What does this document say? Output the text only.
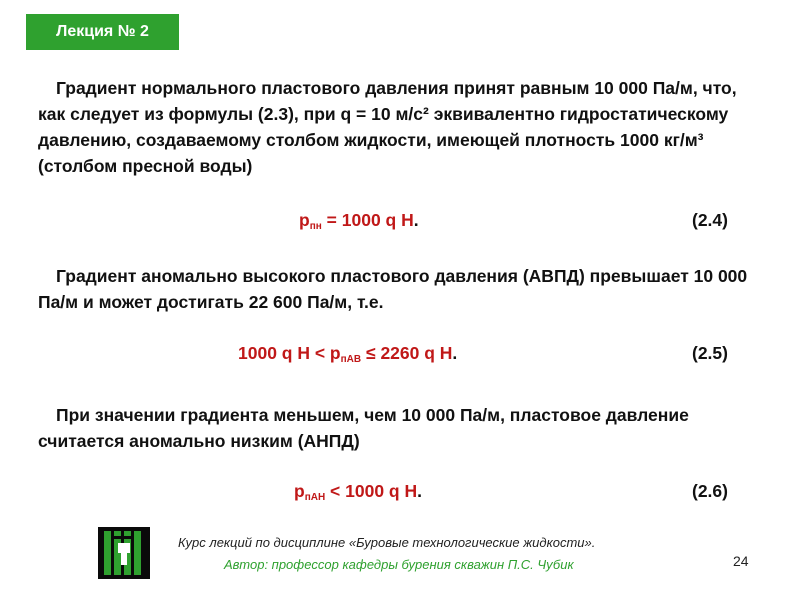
Лекция № 2

Градиент нормального пластового давления принят равным 10 000 Па/м, что, как следует из формулы (2.3), при q = 10 м/с² эквивалентно гидростатическому давлению, создаваемому столбом жидкости, имеющей плотность 1000 кг/м³ (столбом пресной воды)

$p_{пн} = 1000$ q H.	(2.4)

Градиент аномально высокого пластового давления (АВПД) превышает 10 000 Па/м и может достигать 22 600 Па/м, т.е.

1000 q $H < p_{пАВ} \le 2260$ q H.	(2.5)

При значении градиента меньшем, чем 10 000 Па/м, пластовое давление считается аномально низким (АНПД)

$p_{пАН} < 1000$ q H.	(2.6)
Курс лекций по дисциплине «Буровые технологические жидкости».
Автор: профессор кафедры бурения скважин П.С. Чубик	24
